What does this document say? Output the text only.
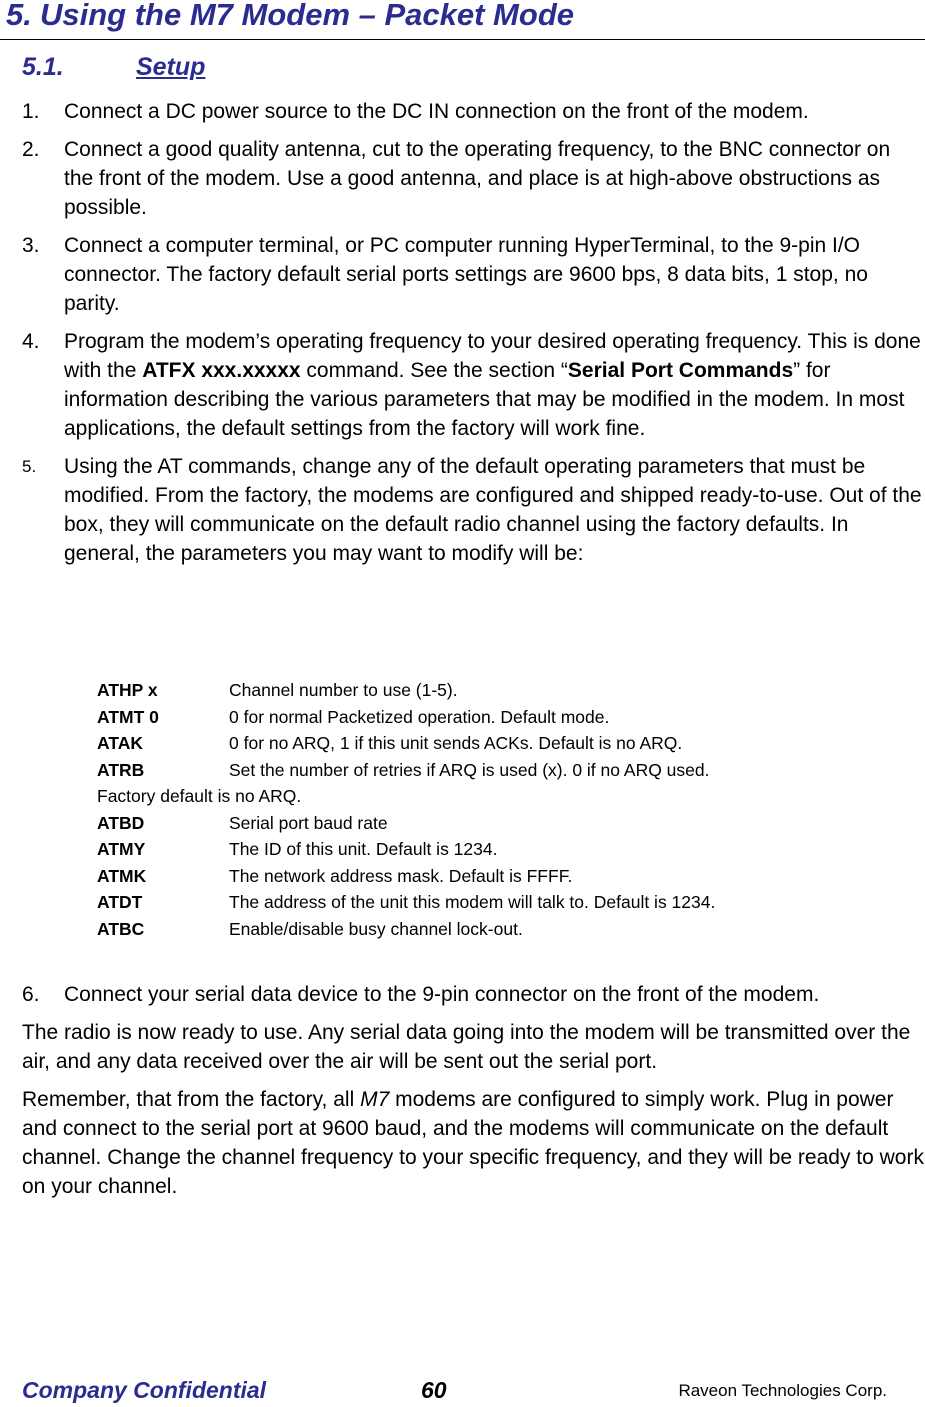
5. Using the M7 Modem – Packet Mode
5.1.	Setup
1. Connect a DC power source to the DC IN connection on the front of the modem.
2. Connect a good quality antenna, cut to the operating frequency, to the BNC connector on the front of the modem. Use a good antenna, and place is at high-above obstructions as possible.
3. Connect a computer terminal, or PC computer running HyperTerminal, to the 9-pin I/O connector. The factory default serial ports settings are 9600 bps, 8 data bits, 1 stop, no parity.
4. Program the modem’s operating frequency to your desired operating frequency. This is done with the ATFX xxx.xxxxx command. See the section “Serial Port Commands” for information describing the various parameters that may be modified in the modem. In most applications, the default settings from the factory will work fine.
5. Using the AT commands, change any of the default operating parameters that must be modified. From the factory, the modems are configured and shipped ready-to-use. Out of the box, they will communicate on the default radio channel using the factory defaults. In general, the parameters you may want to modify will be:
ATHP x	Channel number to use (1-5).
ATMT 0	0 for normal Packetized operation. Default mode.
ATAK	0 for no ARQ, 1 if this unit sends ACKs. Default is no ARQ.
ATRB	Set the number of retries if ARQ is used (x). 0 if no ARQ used.
Factory default is no ARQ.
ATBD	Serial port baud rate
ATMY	The ID of this unit. Default is 1234.
ATMK	The network address mask. Default is FFFF.
ATDT	The address of the unit this modem will talk to. Default is 1234.
ATBC	Enable/disable busy channel lock-out.
6. Connect your serial data device to the 9-pin connector on the front of the modem.
The radio is now ready to use. Any serial data going into the modem will be transmitted over the air, and any data received over the air will be sent out the serial port.
Remember, that from the factory, all M7 modems are configured to simply work. Plug in power and connect to the serial port at 9600 baud, and the modems will communicate on the default channel. Change the channel frequency to your specific frequency, and they will be ready to work on your channel.
Company Confidential	60	Raveon Technologies Corp.
